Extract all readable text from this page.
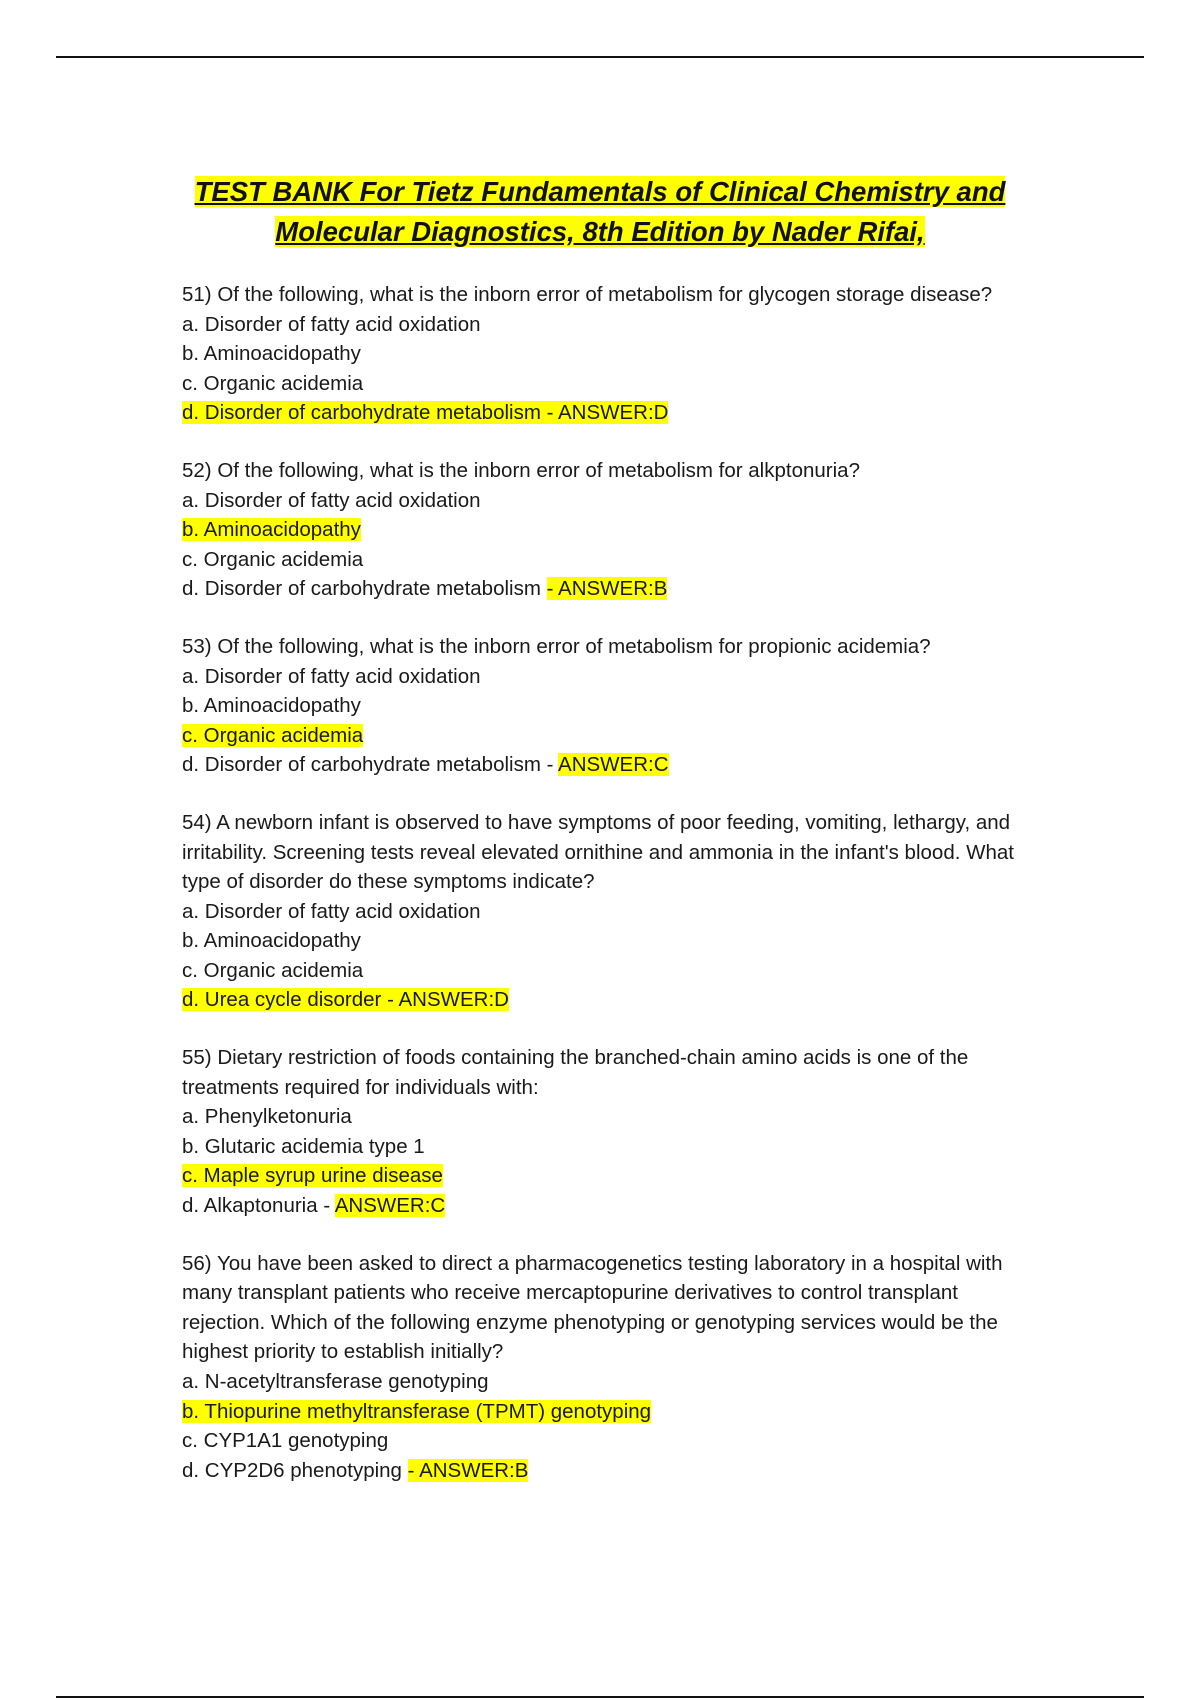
TEST BANK For Tietz Fundamentals of Clinical Chemistry and
Molecular Diagnostics, 8th Edition by Nader Rifai,
51) Of the following, what is the inborn error of metabolism for glycogen storage disease?
a. Disorder of fatty acid oxidation
b. Aminoacidopathy
c. Organic acidemia
d. Disorder of carbohydrate metabolism - ANSWER:D
52) Of the following, what is the inborn error of metabolism for alkptonuria?
a. Disorder of fatty acid oxidation
b. Aminoacidopathy
c. Organic acidemia
d. Disorder of carbohydrate metabolism - ANSWER:B
53) Of the following, what is the inborn error of metabolism for propionic acidemia?
a. Disorder of fatty acid oxidation
b. Aminoacidopathy
c. Organic acidemia
d. Disorder of carbohydrate metabolism - ANSWER:C
54) A newborn infant is observed to have symptoms of poor feeding, vomiting, lethargy, and irritability. Screening tests reveal elevated ornithine and ammonia in the infant's blood. What type of disorder do these symptoms indicate?
a. Disorder of fatty acid oxidation
b. Aminoacidopathy
c. Organic acidemia
d. Urea cycle disorder - ANSWER:D
55) Dietary restriction of foods containing the branched-chain amino acids is one of the treatments required for individuals with:
a. Phenylketonuria
b. Glutaric acidemia type 1
c. Maple syrup urine disease
d. Alkaptonuria - ANSWER:C
56) You have been asked to direct a pharmacogenetics testing laboratory in a hospital with many transplant patients who receive mercaptopurine derivatives to control transplant rejection. Which of the following enzyme phenotyping or genotyping services would be the highest priority to establish initially?
a. N-acetyltransferase genotyping
b. Thiopurine methyltransferase (TPMT) genotyping
c. CYP1A1 genotyping
d. CYP2D6 phenotyping - ANSWER:B
